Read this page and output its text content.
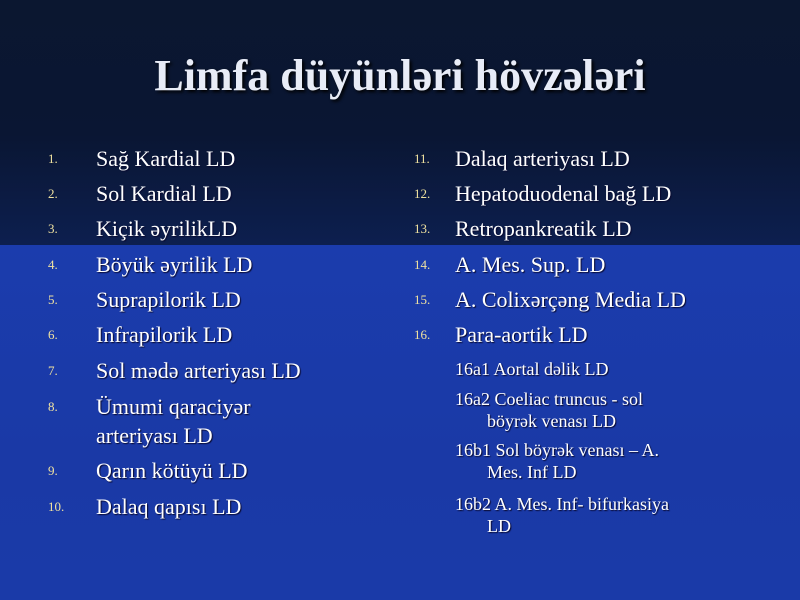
Limfa düyünlǝri hövzǝlǝri
1.	Sağ Kardial LD
2.	Sol Kardial LD
3.	Kiçik ǝyrilikLD
4.	Böyük ǝyrilik LD
5.	Suprapilorik LD
6.	Infrapilorik LD
7.	Sol mǝdǝ arteriyası LD
8.	Ümumi qaraciyǝr
arteriyası LD
9.	Qarın kötüyü LD
10.	Dalaq qapısı LD
11.	Dalaq arteriyası LD
12.	Hepatoduodenal bağ LD
13.	Retropankreatik LD
14.	A. Mes. Sup. LD
15.	A. Colixǝrçǝng Media LD
16.	Para-aortik LD
16a1 Aortal dǝlik LD
16a2 Coeliac truncus - sol
böyrǝk venası LD
16b1 Sol böyrǝk venası – A.
Mes. Inf LD
16b2 A. Mes. Inf- bifurkasiya
LD
